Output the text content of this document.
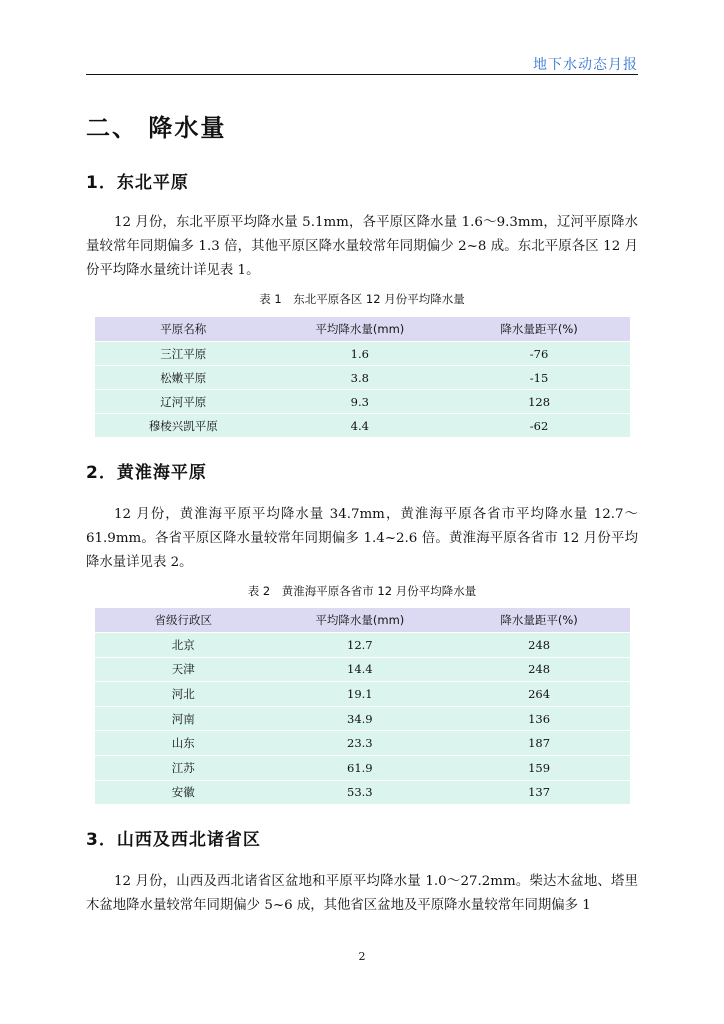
地下水动态月报
二、 降水量
1．东北平原
12 月份，东北平原平均降水量 5.1mm，各平原区降水量 1.6～9.3mm，辽河平原降水量较常年同期偏多 1.3 倍，其他平原区降水量较常年同期偏少 2~8 成。东北平原各区 12 月份平均降水量统计详见表 1。
表 1　东北平原各区 12 月份平均降水量
平原名称	平均降水量(mm)	降水量距平(%)
三江平原	1.6	-76
松嫩平原	3.8	-15
辽河平原	9.3	128
穆棱兴凯平原	4.4	-62
2．黄淮海平原
12 月份，黄淮海平原平均降水量 34.7mm，黄淮海平原各省市平均降水量 12.7～61.9mm。各省平原区降水量较常年同期偏多 1.4~2.6 倍。黄淮海平原各省市 12 月份平均降水量详见表 2。
表 2　黄淮海平原各省市 12 月份平均降水量
省级行政区	平均降水量(mm)	降水量距平(%)
北京	12.7	248
天津	14.4	248
河北	19.1	264
河南	34.9	136
山东	23.3	187
江苏	61.9	159
安徽	53.3	137
3．山西及西北诸省区
12 月份，山西及西北诸省区盆地和平原平均降水量 1.0～27.2mm。柴达木盆地、塔里木盆地降水量较常年同期偏少 5~6 成，其他省区盆地及平原降水量较常年同期偏多 1
2
